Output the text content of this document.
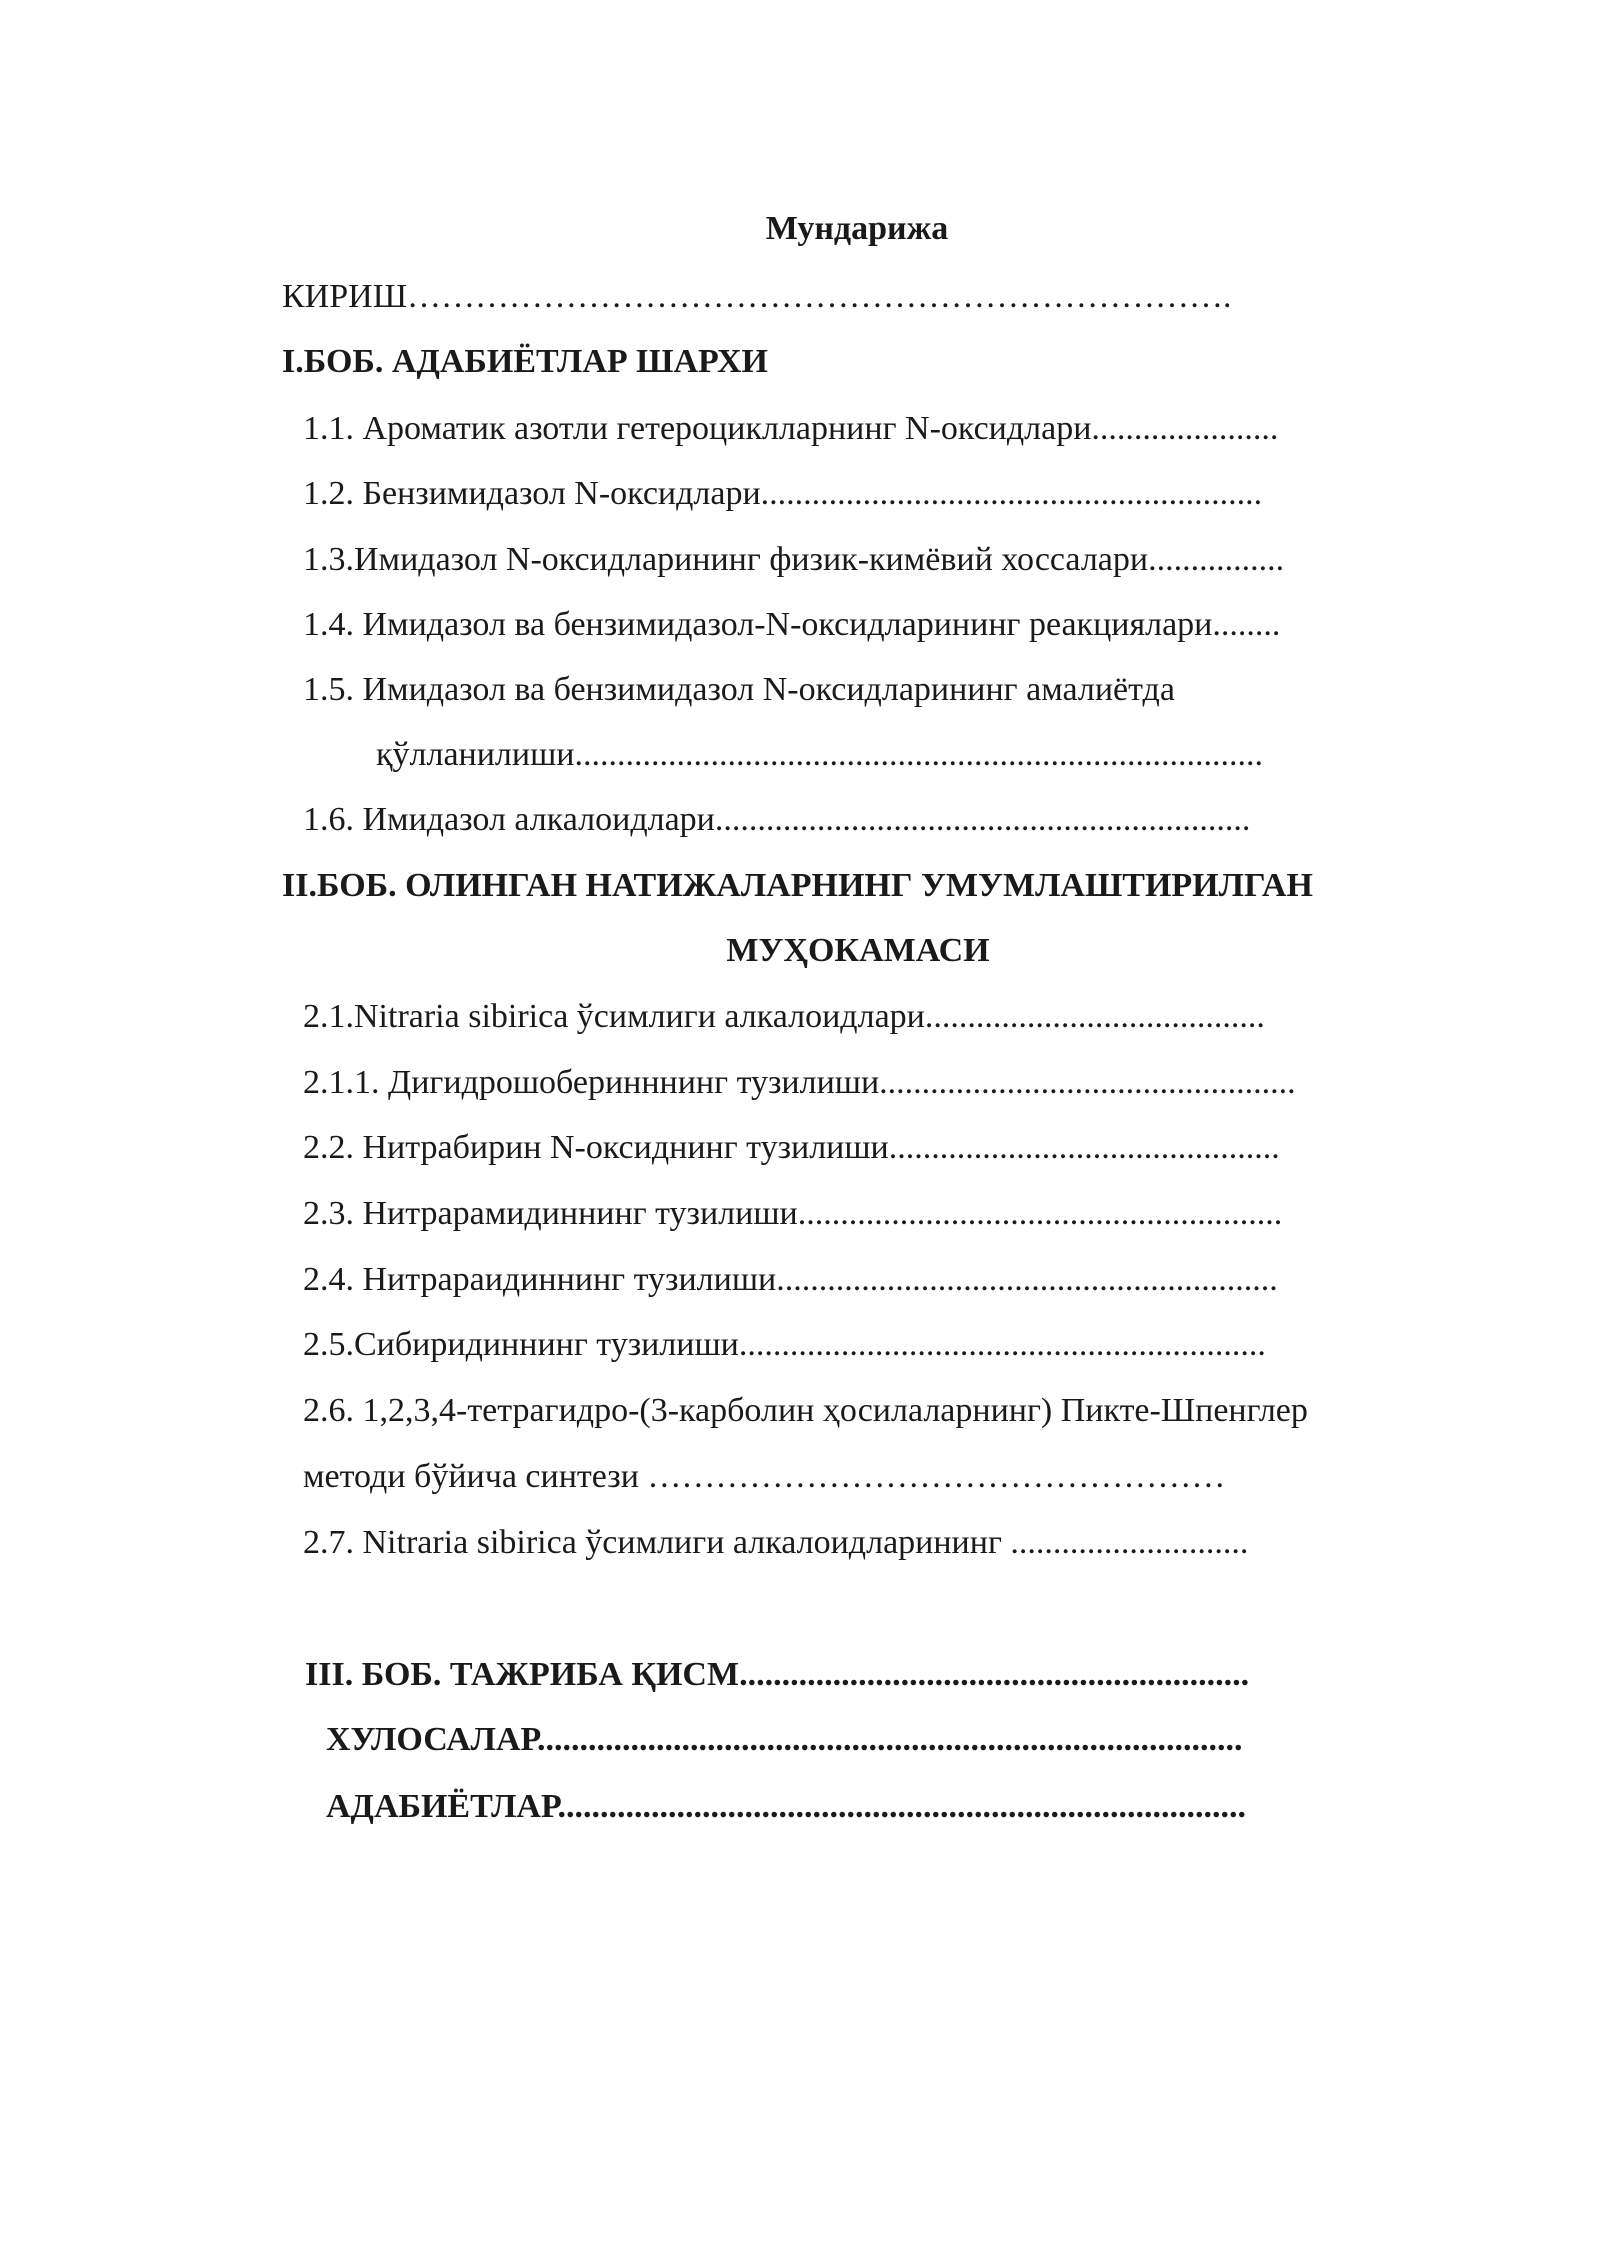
Мундарижа
КИРИШ……………………………………………………………….
I.БОБ. АДАБИЁТЛАР ШАРХИ
1.1. Ароматик азотли гетероциклларнинг N-оксидлари......................
1.2. Бензимидазол N-оксидлари...........................................................
1.3.Имидазол N-оксидларининг физик-кимёвий хоссалари................
1.4. Имидазол ва бензимидазол-N-оксидларининг реакциялари........
1.5. Имидазол ва бензимидазол N-оксидларининг амалиётда
қўлланилиши.................................................................................
1.6. Имидазол алкалоидлари...............................................................
II.БОБ. ОЛИНГАН НАТИЖАЛАРНИНГ УМУМЛАШТИРИЛГАН
МУҲОКАМАСИ
2.1.Nitraria sibirica ўсимлиги алкалоидлари........................................
2.1.1. Дигидрошоберинннинг тузилиши.................................................
2.2. Нитрабирин N-оксиднинг тузилиши..............................................
2.3. Нитрарамидиннинг тузилиши.........................................................
2.4. Нитрараидиннинг тузилиши...........................................................
2.5.Сибиридиннинг тузилиши..............................................................
2.6. 1,2,3,4-тетрагидро-(3-карболин ҳосилаларнинг) Пикте-Шпенглер
методи бўйича синтези ……………………………………………
2.7. Nitraria sibirica ўсимлиги алкалоидларининг ............................
III. БОБ. ТАЖРИБА ҚИСМ............................................................
ХУЛОСАЛАР...................................................................................
АДАБИЁТЛАР.................................................................................
